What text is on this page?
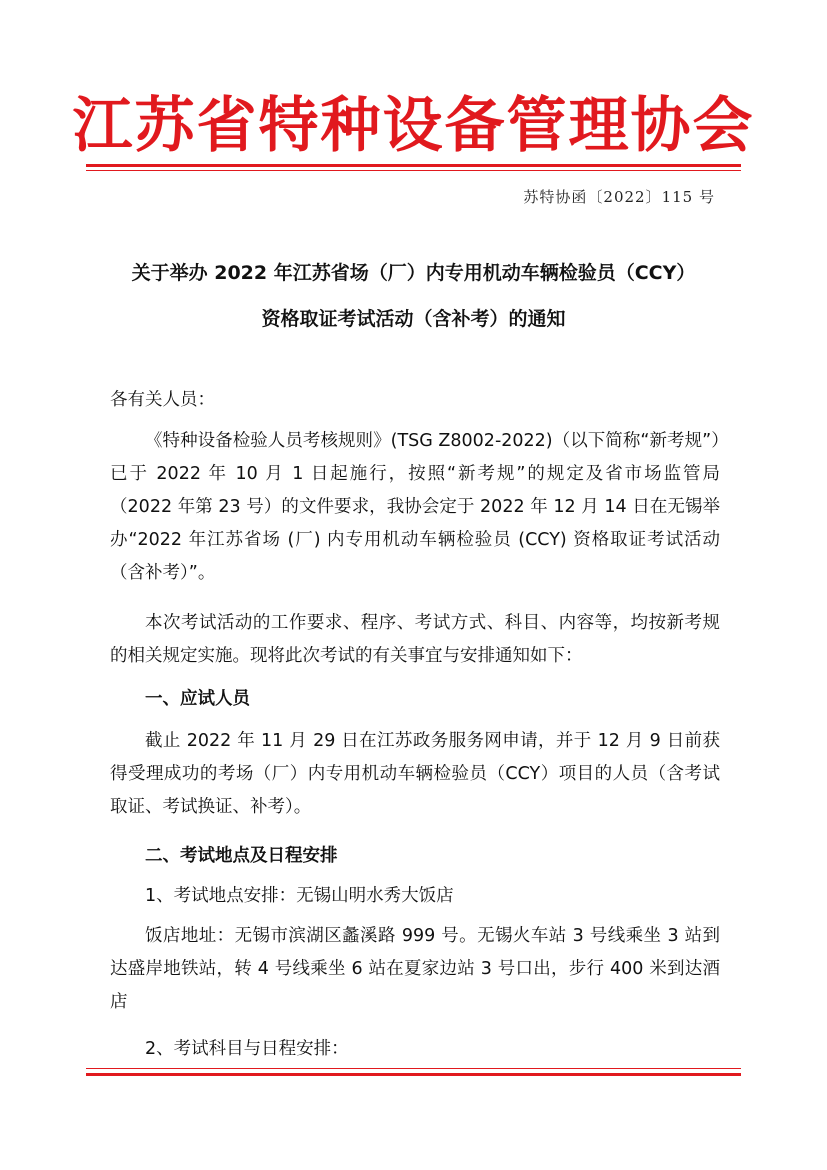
江苏省特种设备管理协会
苏特协函〔2022〕115 号
关于举办 2022 年江苏省场（厂）内专用机动车辆检验员（CCY）
资格取证考试活动（含补考）的通知
各有关人员：
《特种设备检验人员考核规则》(TSG Z8002-2022)（以下简称“新考规”）已于 2022 年 10 月 1 日起施行，按照“新考规”的规定及省市场监管局（2022 年第 23 号）的文件要求，我协会定于 2022 年 12 月 14 日在无锡举办“2022 年江苏省场 (厂) 内专用机动车辆检验员 (CCY) 资格取证考试活动（含补考）”。
本次考试活动的工作要求、程序、考试方式、科目、内容等，均按新考规的相关规定实施。现将此次考试的有关事宜与安排通知如下：
一、应试人员
截止 2022 年 11 月 29 日在江苏政务服务网申请，并于 12 月 9 日前获得受理成功的考场（厂）内专用机动车辆检验员（CCY）项目的人员（含考试取证、考试换证、补考）。
二、考试地点及日程安排
1、考试地点安排：无锡山明水秀大饭店
饭店地址：无锡市滨湖区蠡溪路 999 号。无锡火车站 3 号线乘坐 3 站到达盛岸地铁站，转 4 号线乘坐 6 站在夏家边站 3 号口出，步行 400 米到达酒店
2、考试科目与日程安排：
